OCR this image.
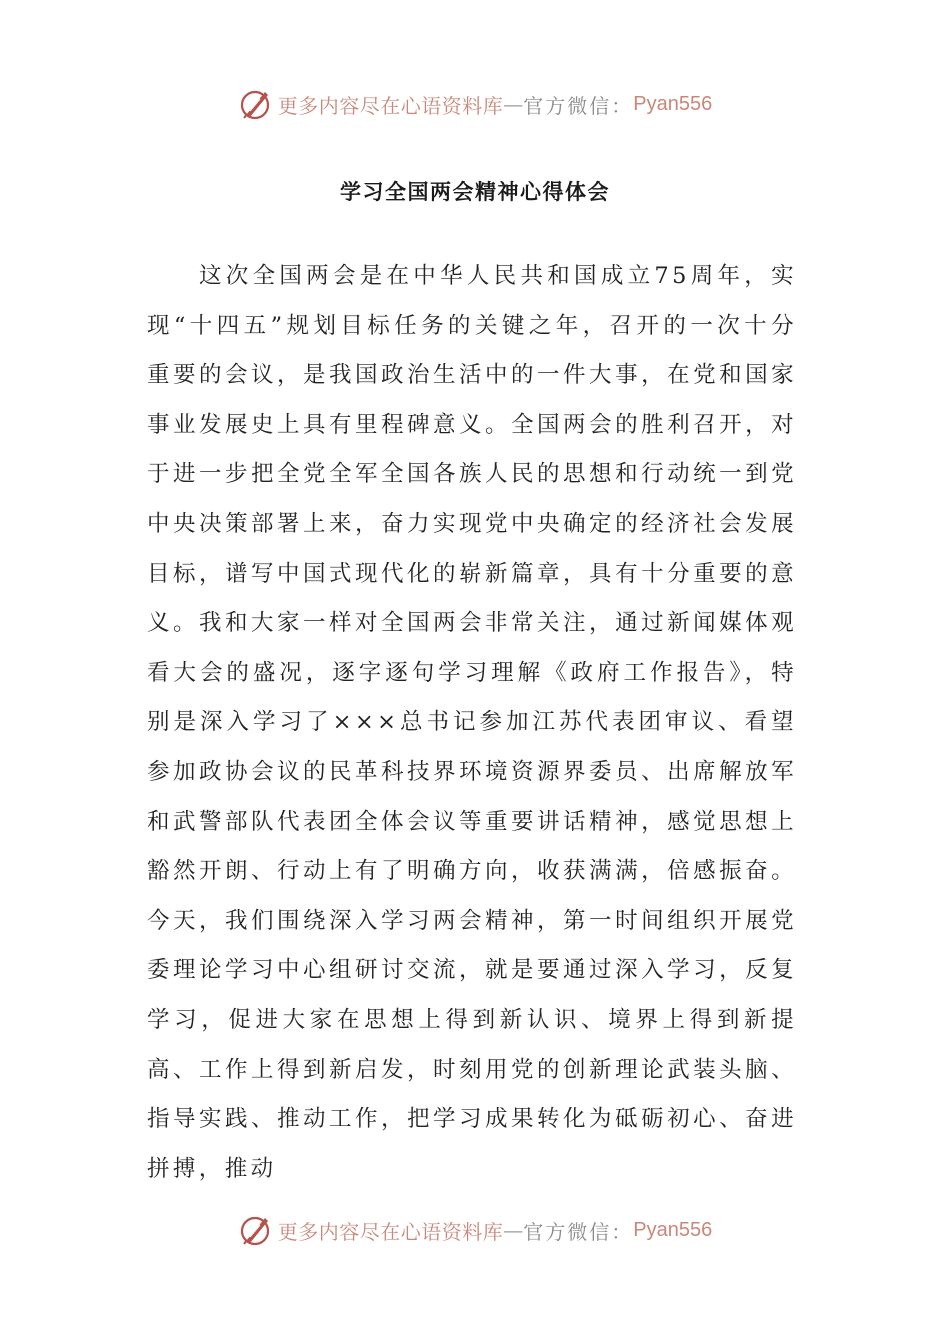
更多内容尽在心语资料库 — 官方微信： Pyan556
学习全国两会精神心得体会

这次全国两会是在中华人民共和国成立75周年，实现“十四五”规划目标任务的关键之年，召开的一次十分重要的会议，是我国政治生活中的一件大事，在党和国家事业发展史上具有里程碑意义。全国两会的胜利召开，对于进一步把全党全军全国各族人民的思想和行动统一到党中央决策部署上来，奋力实现党中央确定的经济社会发展目标，谱写中国式现代化的崭新篇章，具有十分重要的意义。我和大家一样对全国两会非常关注，通过新闻媒体观看大会的盛况，逐字逐句学习理解《政府工作报告》，特别是深入学习了×××总书记参加江苏代表团审议、看望参加政协会议的民革科技界环境资源界委员、出席解放军和武警部队代表团全体会议等重要讲话精神，感觉思想上豁然开朗、行动上有了明确方向，收获满满，倍感振奋。今天，我们围绕深入学习两会精神，第一时间组织开展党委理论学习中心组研讨交流，就是要通过深入学习，反复学习，促进大家在思想上得到新认识、境界上得到新提高、工作上得到新启发，时刻用党的创新理论武装头脑、指导实践、推动工作，把学习成果转化为砥砺初心、奋进拼搏，推动

更多内容尽在心语资料库 — 官方微信： Pyan556
